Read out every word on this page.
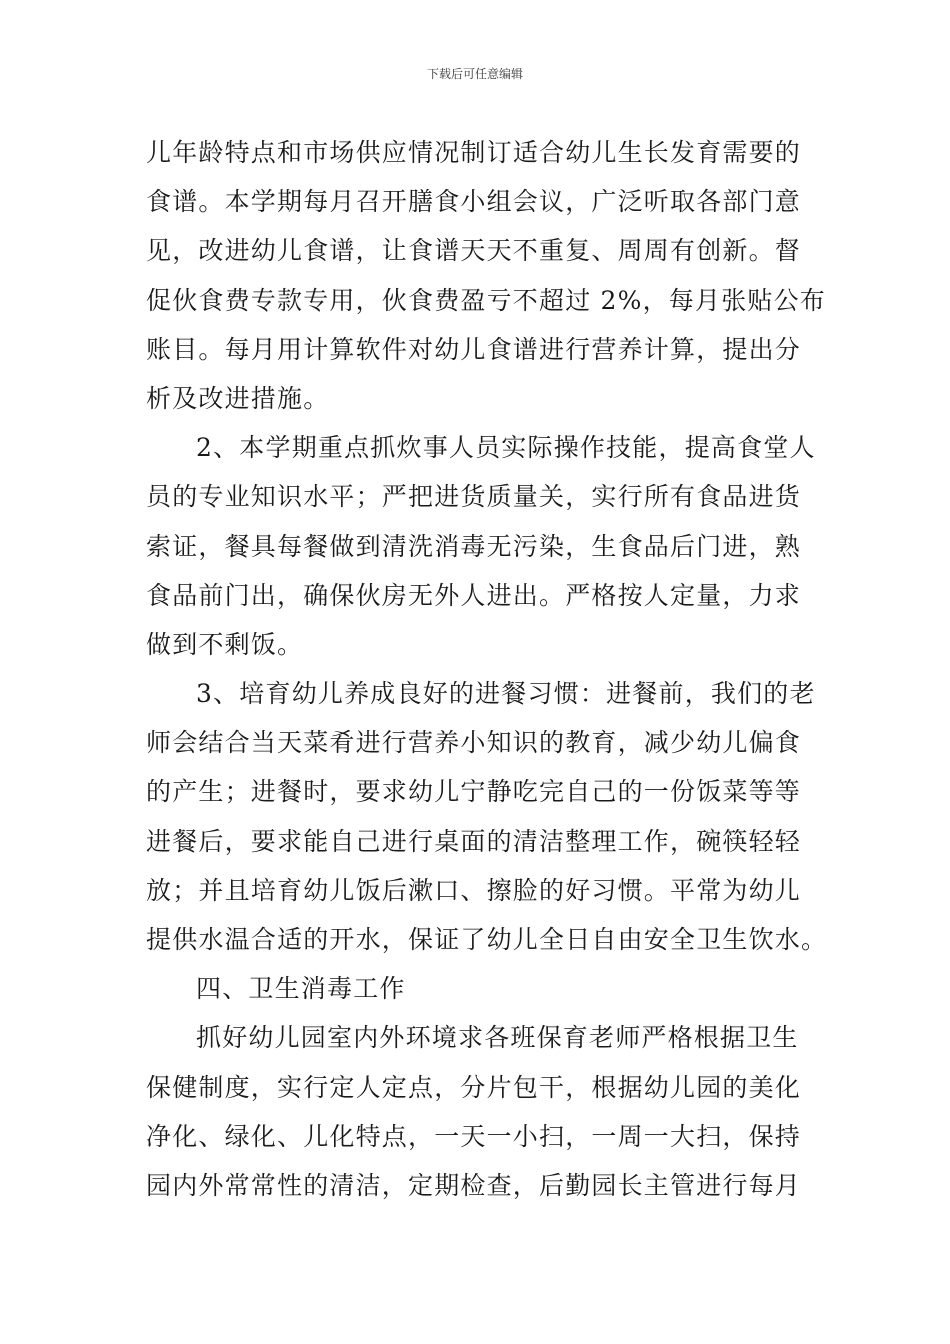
下载后可任意编辑
儿年龄特点和市场供应情况制订适合幼儿生长发育需要的
食谱。本学期每月召开膳食小组会议，广泛听取各部门意
见，改进幼儿食谱，让食谱天天不重复、周周有创新。督
促伙食费专款专用，伙食费盈亏不超过 2%，每月张贴公布
账目。每月用计算软件对幼儿食谱进行营养计算，提出分
析及改进措施。
2、本学期重点抓炊事人员实际操作技能，提高食堂人
员的专业知识水平；严把进货质量关，实行所有食品进货
索证，餐具每餐做到清洗消毒无污染，生食品后门进，熟
食品前门出，确保伙房无外人进出。严格按人定量，力求
做到不剩饭。
3、培育幼儿养成良好的进餐习惯：进餐前，我们的老
师会结合当天菜肴进行营养小知识的教育，减少幼儿偏食
的产生；进餐时，要求幼儿宁静吃完自己的一份饭菜等等
进餐后，要求能自己进行桌面的清洁整理工作，碗筷轻轻
放；并且培育幼儿饭后漱口、擦脸的好习惯。平常为幼儿
提供水温合适的开水，保证了幼儿全日自由安全卫生饮水。
四、卫生消毒工作
抓好幼儿园室内外环境求各班保育老师严格根据卫生
保健制度，实行定人定点，分片包干，根据幼儿园的美化
净化、绿化、儿化特点，一天一小扫，一周一大扫，保持
园内外常常性的清洁，定期检查，后勤园长主管进行每月
